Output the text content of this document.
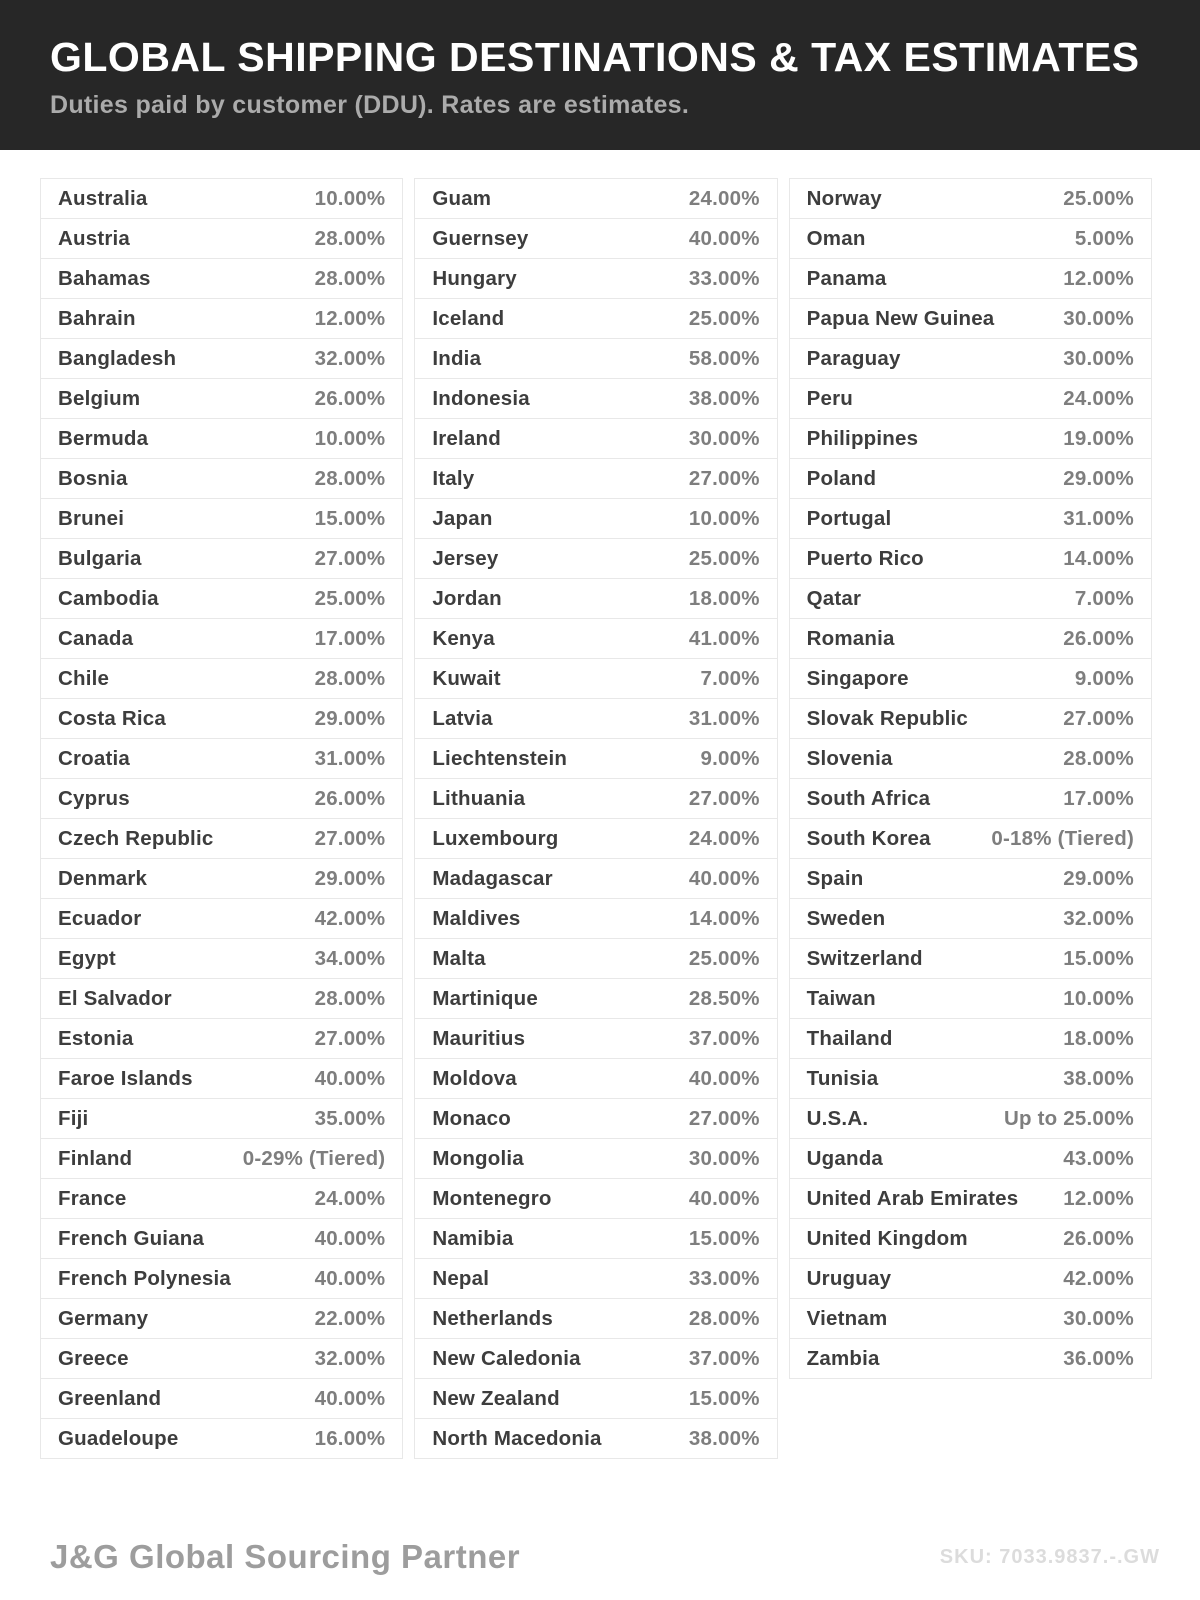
GLOBAL SHIPPING DESTINATIONS & TAX ESTIMATES
Duties paid by customer (DDU). Rates are estimates.
Australia	10.00%
Austria	28.00%
Bahamas	28.00%
Bahrain	12.00%
Bangladesh	32.00%
Belgium	26.00%
Bermuda	10.00%
Bosnia	28.00%
Brunei	15.00%
Bulgaria	27.00%
Cambodia	25.00%
Canada	17.00%
Chile	28.00%
Costa Rica	29.00%
Croatia	31.00%
Cyprus	26.00%
Czech Republic	27.00%
Denmark	29.00%
Ecuador	42.00%
Egypt	34.00%
El Salvador	28.00%
Estonia	27.00%
Faroe Islands	40.00%
Fiji	35.00%
Finland	0-29% (Tiered)
France	24.00%
French Guiana	40.00%
French Polynesia	40.00%
Germany	22.00%
Greece	32.00%
Greenland	40.00%
Guadeloupe	16.00%
Guam	24.00%
Guernsey	40.00%
Hungary	33.00%
Iceland	25.00%
India	58.00%
Indonesia	38.00%
Ireland	30.00%
Italy	27.00%
Japan	10.00%
Jersey	25.00%
Jordan	18.00%
Kenya	41.00%
Kuwait	7.00%
Latvia	31.00%
Liechtenstein	9.00%
Lithuania	27.00%
Luxembourg	24.00%
Madagascar	40.00%
Maldives	14.00%
Malta	25.00%
Martinique	28.50%
Mauritius	37.00%
Moldova	40.00%
Monaco	27.00%
Mongolia	30.00%
Montenegro	40.00%
Namibia	15.00%
Nepal	33.00%
Netherlands	28.00%
New Caledonia	37.00%
New Zealand	15.00%
North Macedonia	38.00%
Norway	25.00%
Oman	5.00%
Panama	12.00%
Papua New Guinea	30.00%
Paraguay	30.00%
Peru	24.00%
Philippines	19.00%
Poland	29.00%
Portugal	31.00%
Puerto Rico	14.00%
Qatar	7.00%
Romania	26.00%
Singapore	9.00%
Slovak Republic	27.00%
Slovenia	28.00%
South Africa	17.00%
South Korea	0-18% (Tiered)
Spain	29.00%
Sweden	32.00%
Switzerland	15.00%
Taiwan	10.00%
Thailand	18.00%
Tunisia	38.00%
U.S.A.	Up to 25.00%
Uganda	43.00%
United Arab Emirates 12.00%
United Kingdom	26.00%
Uruguay	42.00%
Vietnam	30.00%
Zambia	36.00%
J&G Global Sourcing Partner	SKU: 7033.9837.-.GW
